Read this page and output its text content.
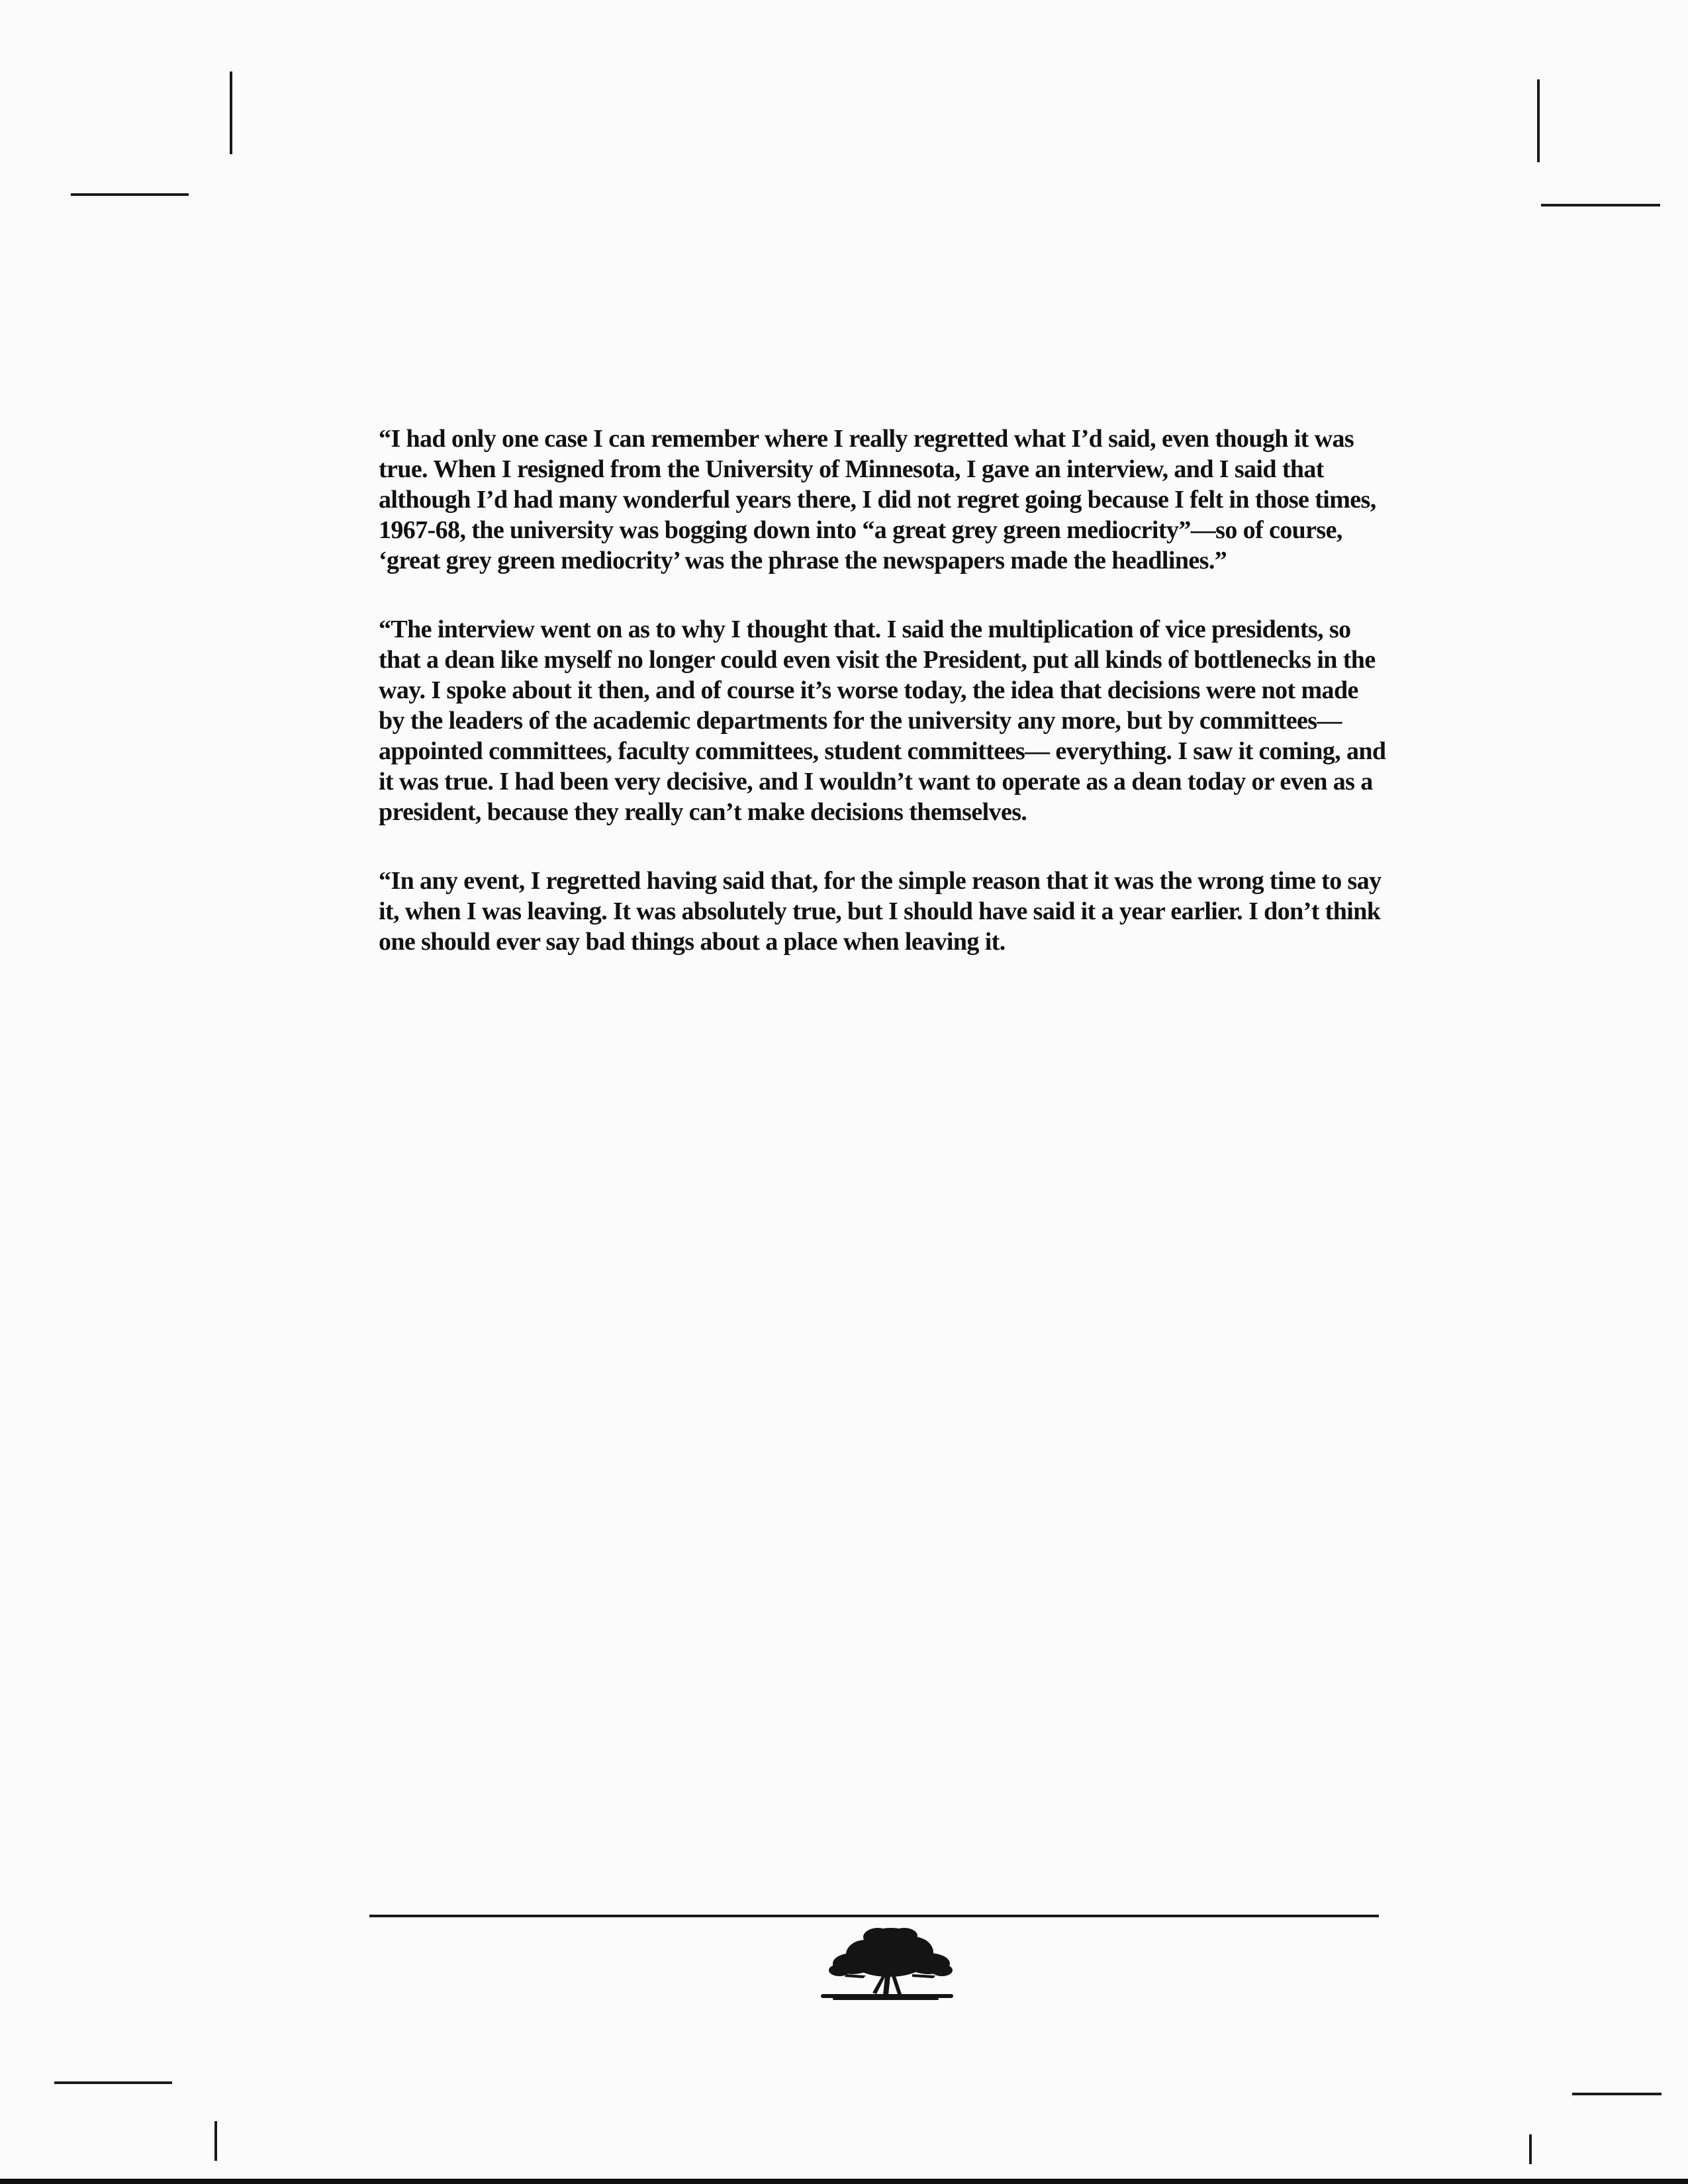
“I had only one case I can remember where I really regretted what I’d said, even though it was true. When I resigned from the University of Minnesota, I gave an interview, and I said that although I’d had many wonderful years there, I did not regret going because I felt in those times, 1967-68, the university was bogging down into “a great grey green mediocrity”—so of course, ‘great grey green mediocrity’ was the phrase the newspapers made the headlines.”

“The interview went on as to why I thought that. I said the multiplication of vice presidents, so that a dean like myself no longer could even visit the President, put all kinds of bottlenecks in the way. I spoke about it then, and of course it’s worse today, the idea that decisions were not made by the leaders of the academic departments for the university any more, but by committees—appointed committees, faculty committees, student committees— everything. I saw it coming, and it was true. I had been very decisive, and I wouldn’t want to operate as a dean today or even as a president, because they really can’t make decisions themselves.

“In any event, I regretted having said that, for the simple reason that it was the wrong time to say it, when I was leaving. It was absolutely true, but I should have said it a year earlier. I don’t think one should ever say bad things about a place when leaving it.
